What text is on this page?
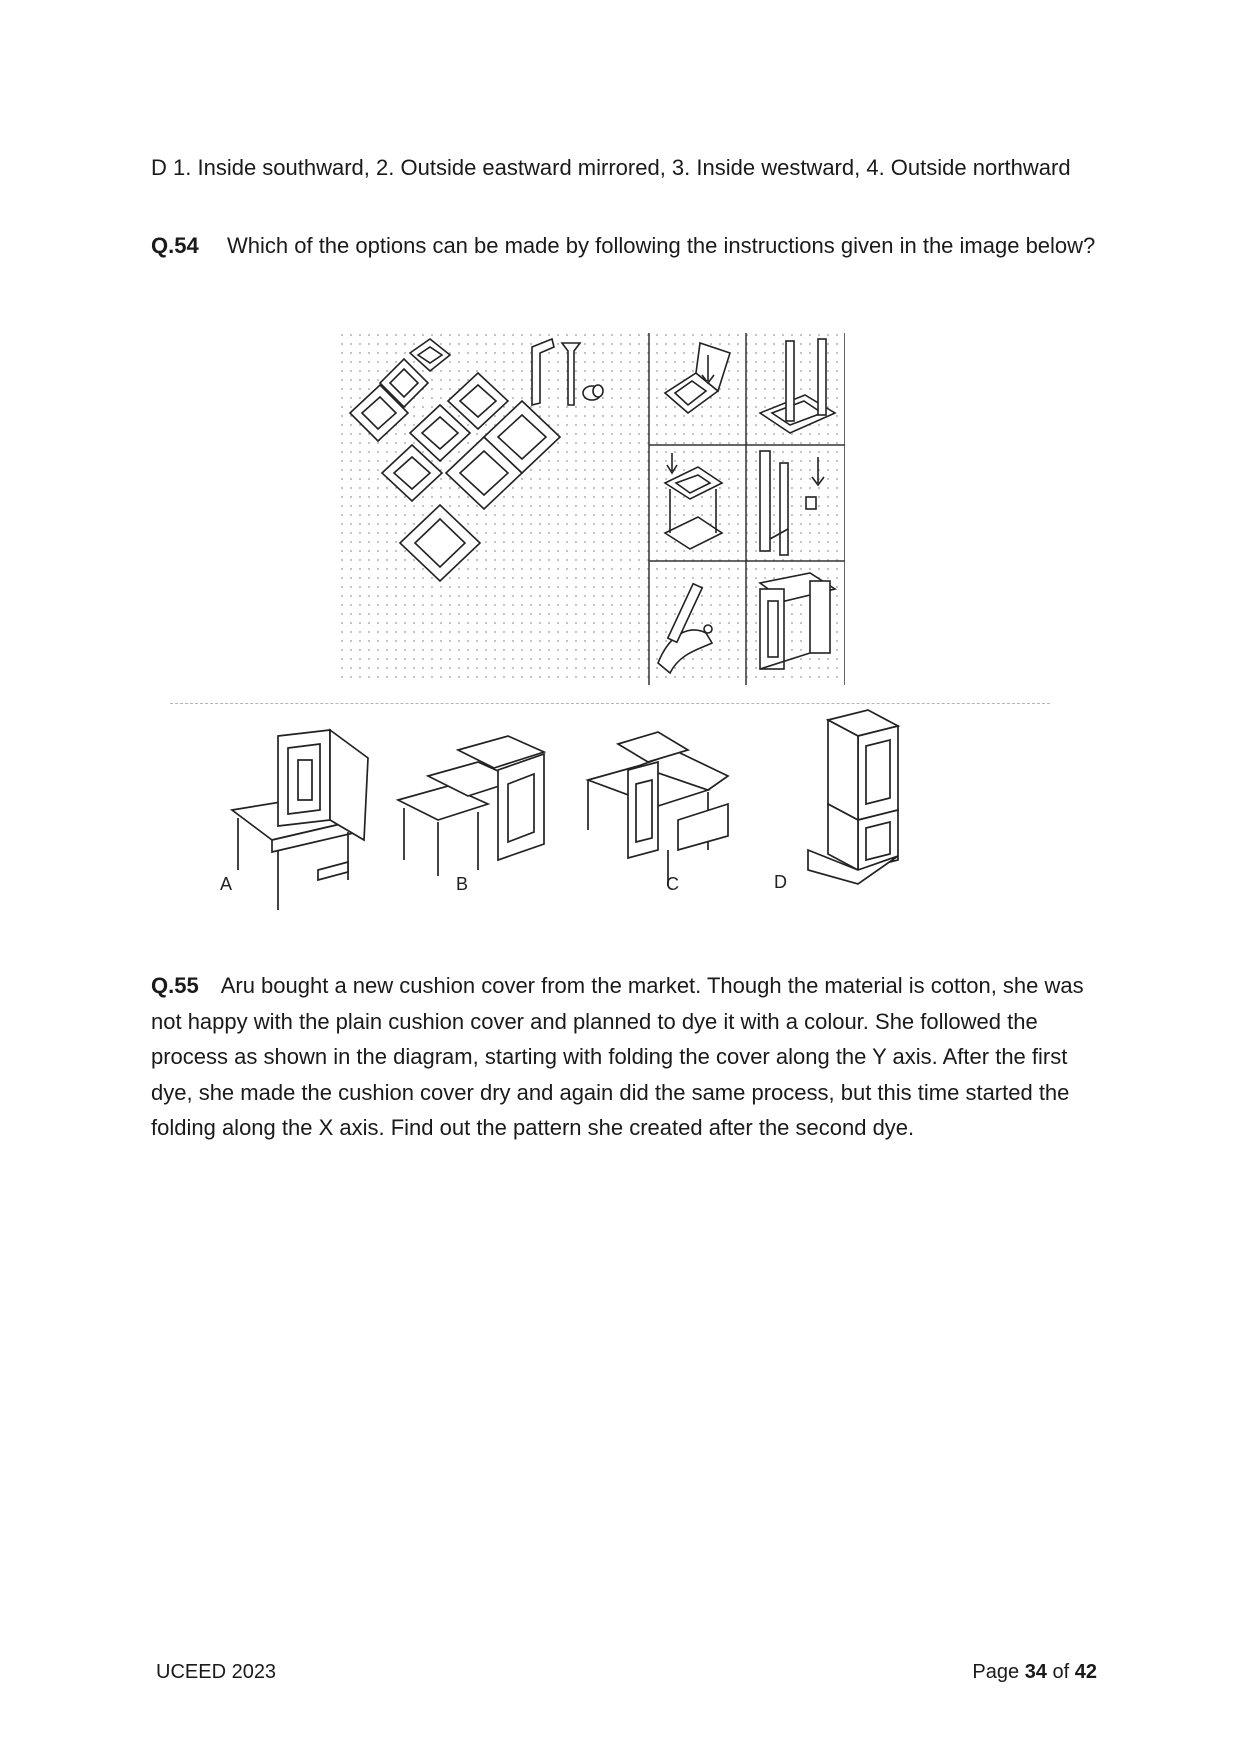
D 1. Inside southward, 2. Outside eastward mirrored, 3. Inside westward, 4. Outside northward
Q.54 Which of the options can be made by following the instructions given in the image below?
A	B	C	D
Q.55 Aru bought a new cushion cover from the market. Though the material is cotton, she was not happy with the plain cushion cover and planned to dye it with a colour. She followed the process as shown in the diagram, starting with folding the cover along the Y axis. After the first dye, she made the cushion cover dry and again did the same process, but this time started the folding along the X axis. Find out the pattern she created after the second dye.
UCEED 2023	Page 34 of 42
